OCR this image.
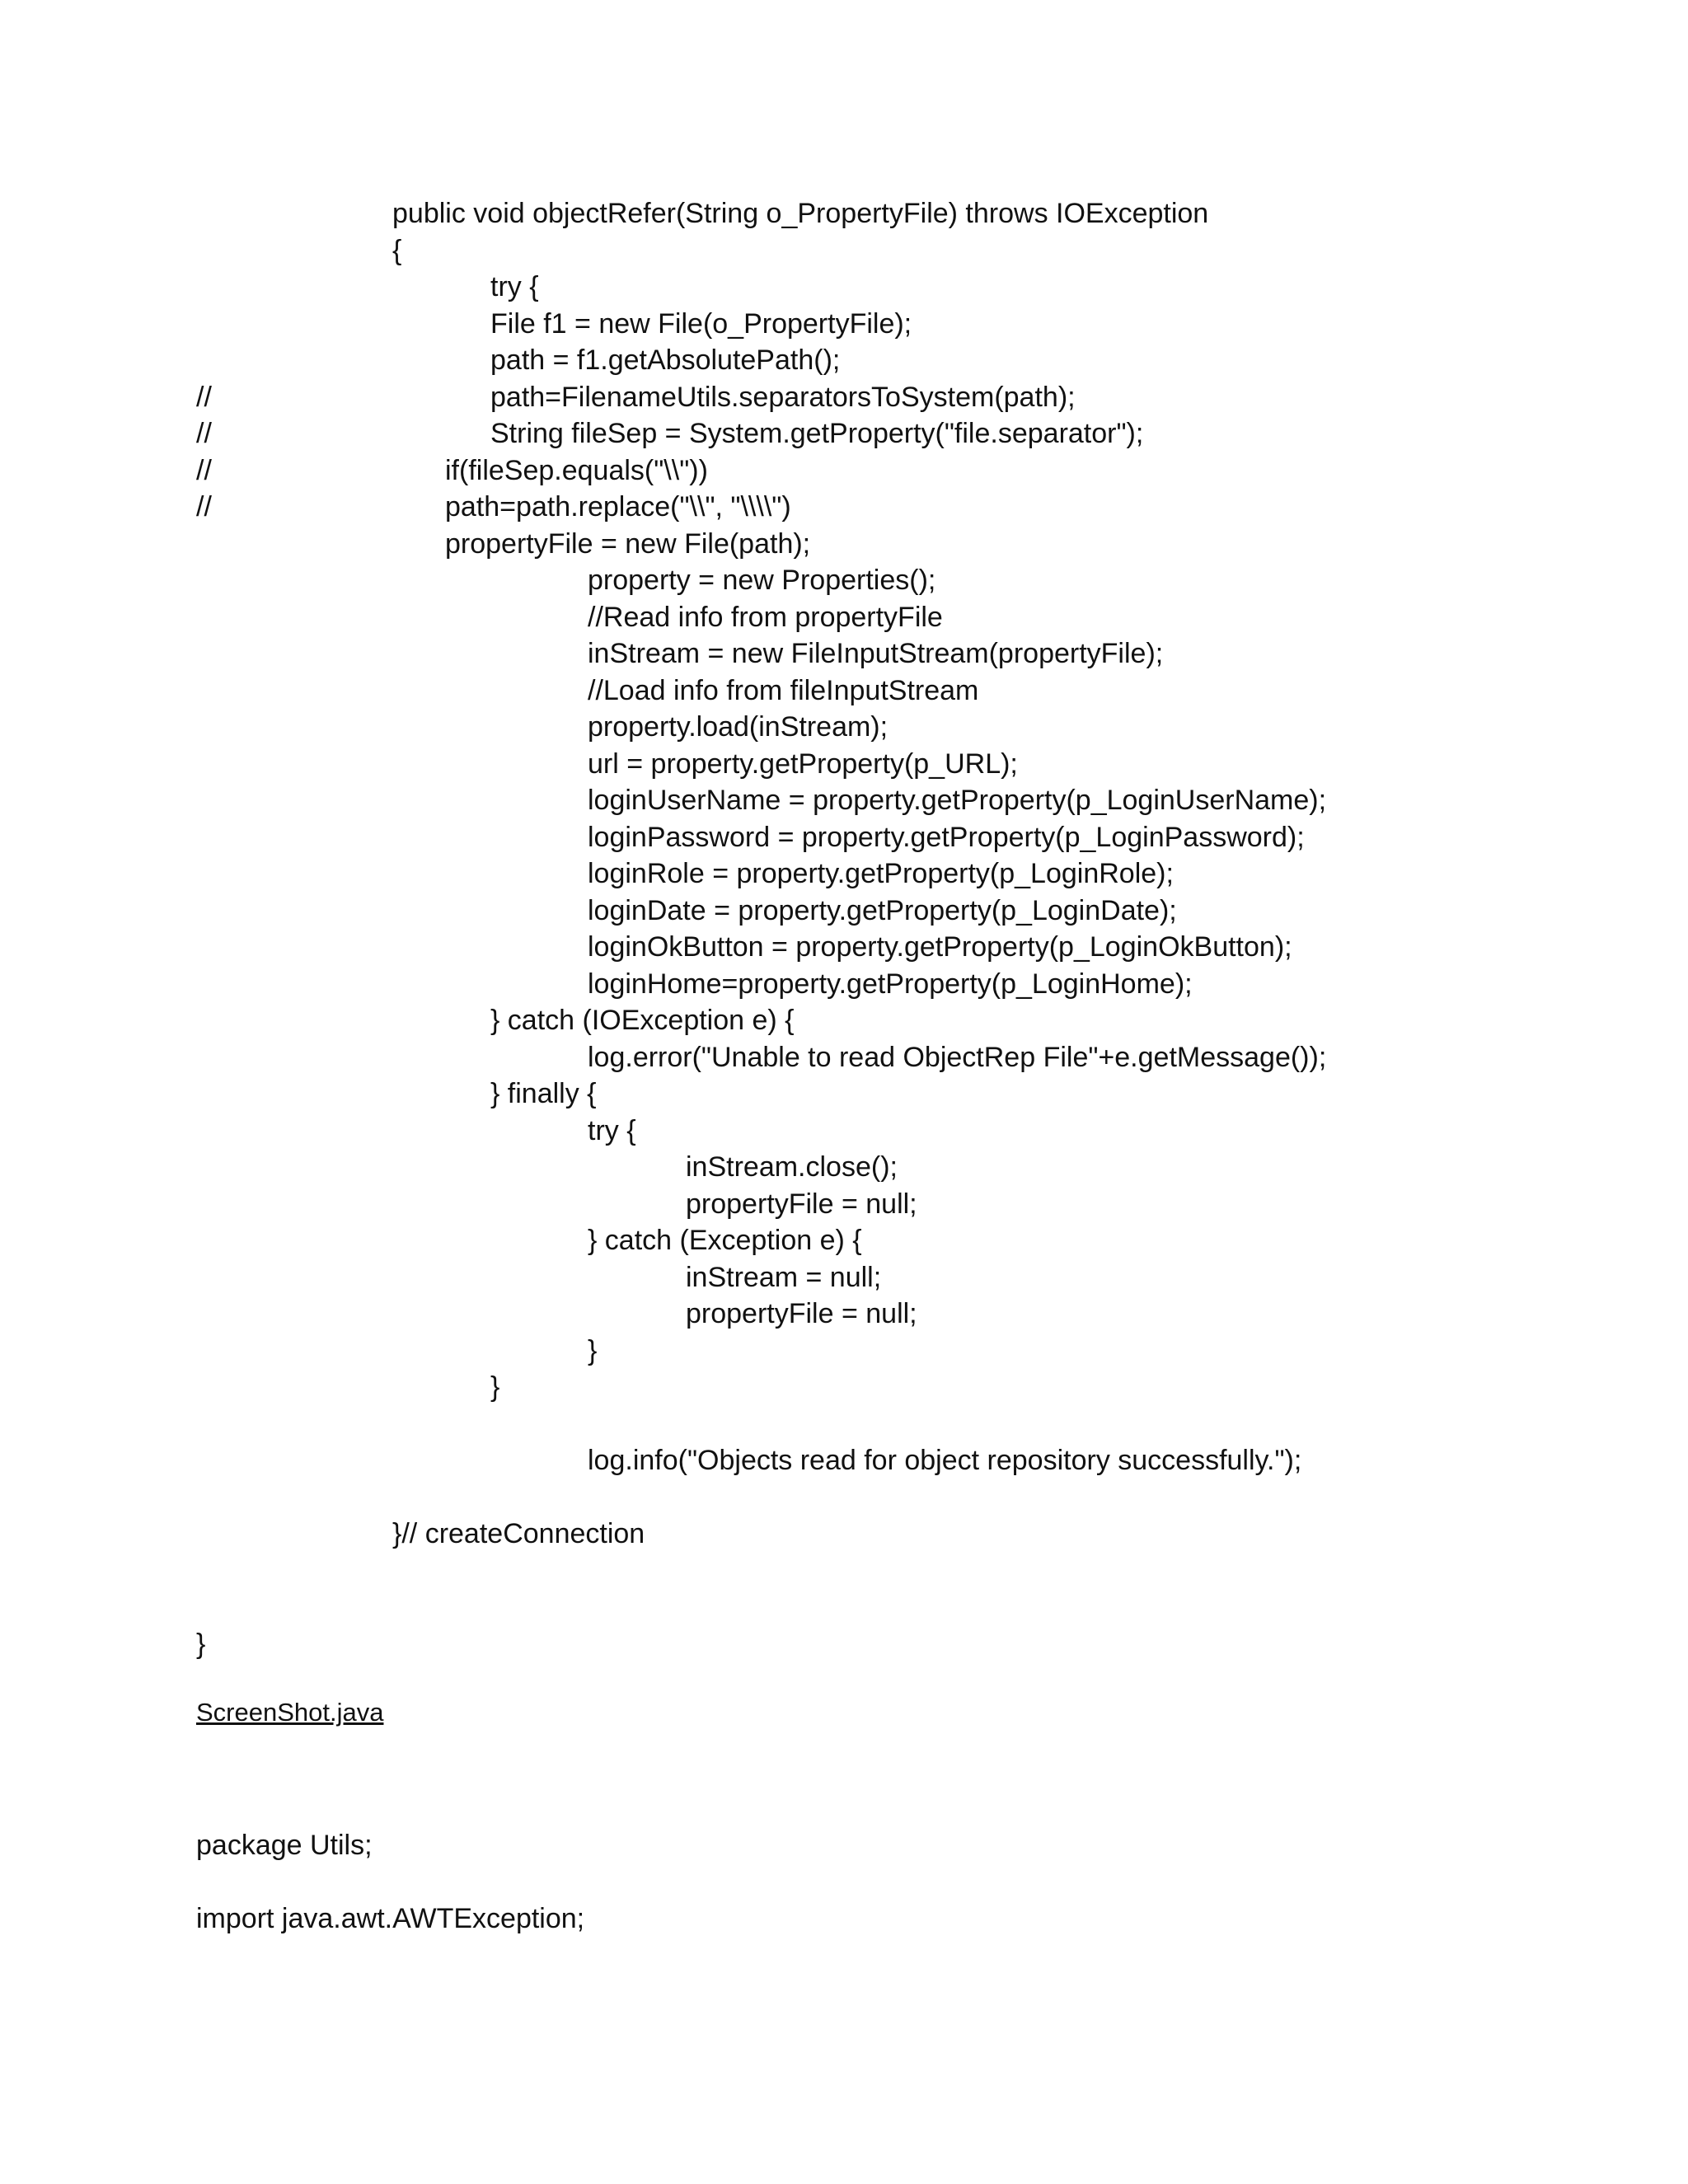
public void objectRefer(String o_PropertyFile) throws IOException
{
try {
File f1 = new File(o_PropertyFile);
path = f1.getAbsolutePath();
//	path=FilenameUtils.separatorsToSystem(path);
//	String fileSep = System.getProperty("file.separator");
//	if(fileSep.equals("\\"))
//	path=path.replace("\\", "\\\\")
propertyFile = new File(path);
property = new Properties();
//Read info from propertyFile
inStream = new FileInputStream(propertyFile);
//Load info from fileInputStream
property.load(inStream);
url = property.getProperty(p_URL);
loginUserName = property.getProperty(p_LoginUserName);
loginPassword = property.getProperty(p_LoginPassword);
loginRole = property.getProperty(p_LoginRole);
loginDate = property.getProperty(p_LoginDate);
loginOkButton = property.getProperty(p_LoginOkButton);
loginHome=property.getProperty(p_LoginHome);
} catch (IOException e) {
log.error("Unable to read ObjectRep File"+e.getMessage());
} finally {
try {
inStream.close();
propertyFile = null;
} catch (Exception e) {
inStream = null;
propertyFile = null;
}
}
log.info("Objects read for object repository successfully.");
}// createConnection
}
ScreenShot.java
package Utils;
import java.awt.AWTException;
